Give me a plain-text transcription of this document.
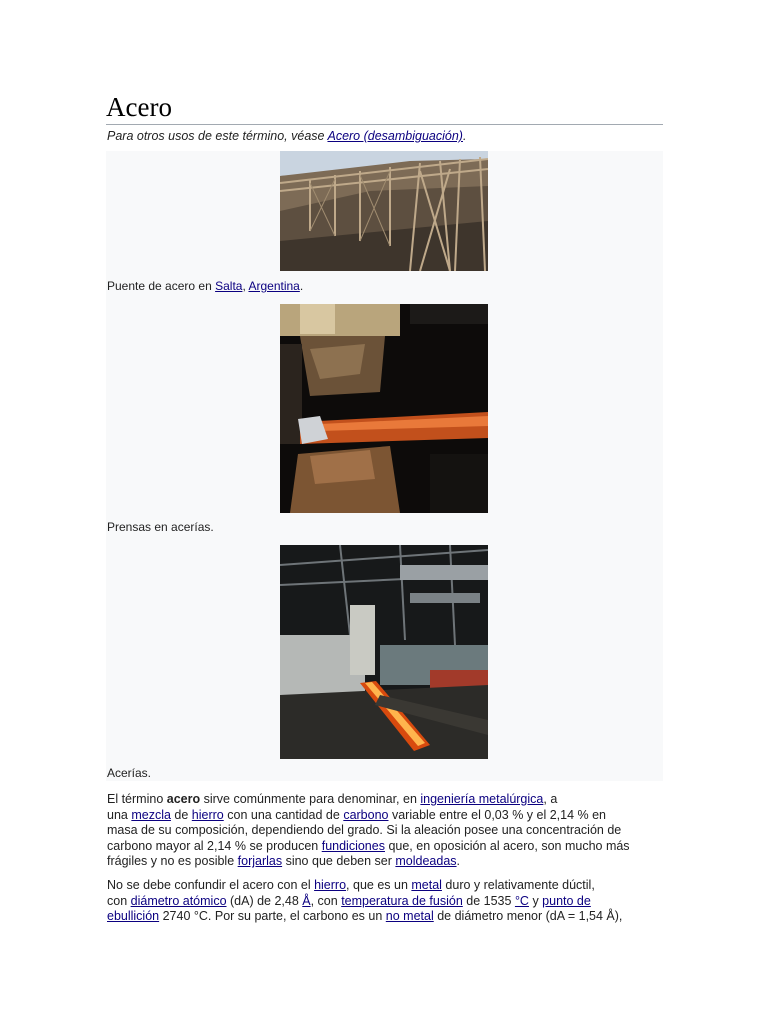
Acero

Para otros usos de este término, véase Acero (desambiguación).

Puente de acero en Salta, Argentina.

Prensas en acerías.

Acerías.

El término acero sirve comúnmente para denominar, en ingeniería metalúrgica, a
una mezcla de hierro con una cantidad de carbono variable entre el 0,03 % y el 2,14 % en
masa de su composición, dependiendo del grado. Si la aleación posee una concentración de
carbono mayor al 2,14 % se producen fundiciones que, en oposición al acero, son mucho más
frágiles y no es posible forjarlas sino que deben ser moldeadas.

No se debe confundir el acero con el hierro, que es un metal duro y relativamente dúctil,
con diámetro atómico (dA) de 2,48 Å, con temperatura de fusión de 1535 °C y punto de
ebullición 2740 °C. Por su parte, el carbono es un no metal de diámetro menor (dA = 1,54 Å),
